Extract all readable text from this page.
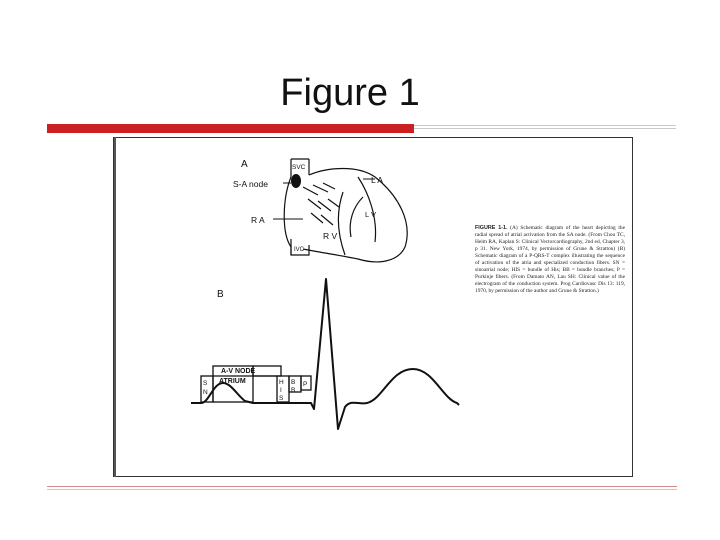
Figure 1
A	SVC
S-A node	L A
R A
L V
R V
IVC
B
A-V NODE
ATRIUM
S
N
H
I
S
B
B
P
FIGURE 1-1. (A) Schematic diagram of the heart depicting the radial spread of atrial activation from the SA node. (From Chou TC, Helm RA, Kaplan S: Clinical Vectorcardiography, 2nd ed, Chapter 3, p 31. New York, 1974, by permission of Grune & Stratton) (B) Schematic diagram of a P-QRS-T complex illustrating the sequence of activation of the atria and specialized conduction fibers. SN = sinoatrial node; HIS = bundle of His; BB = bundle branches; P = Purkinje fibers. (From Damato AN, Lau SH: Clinical value of the electrogram of the conduction system. Prog Cardiovasc Dis 13: 119, 1970, by permission of the author and Grune & Stratton.)
